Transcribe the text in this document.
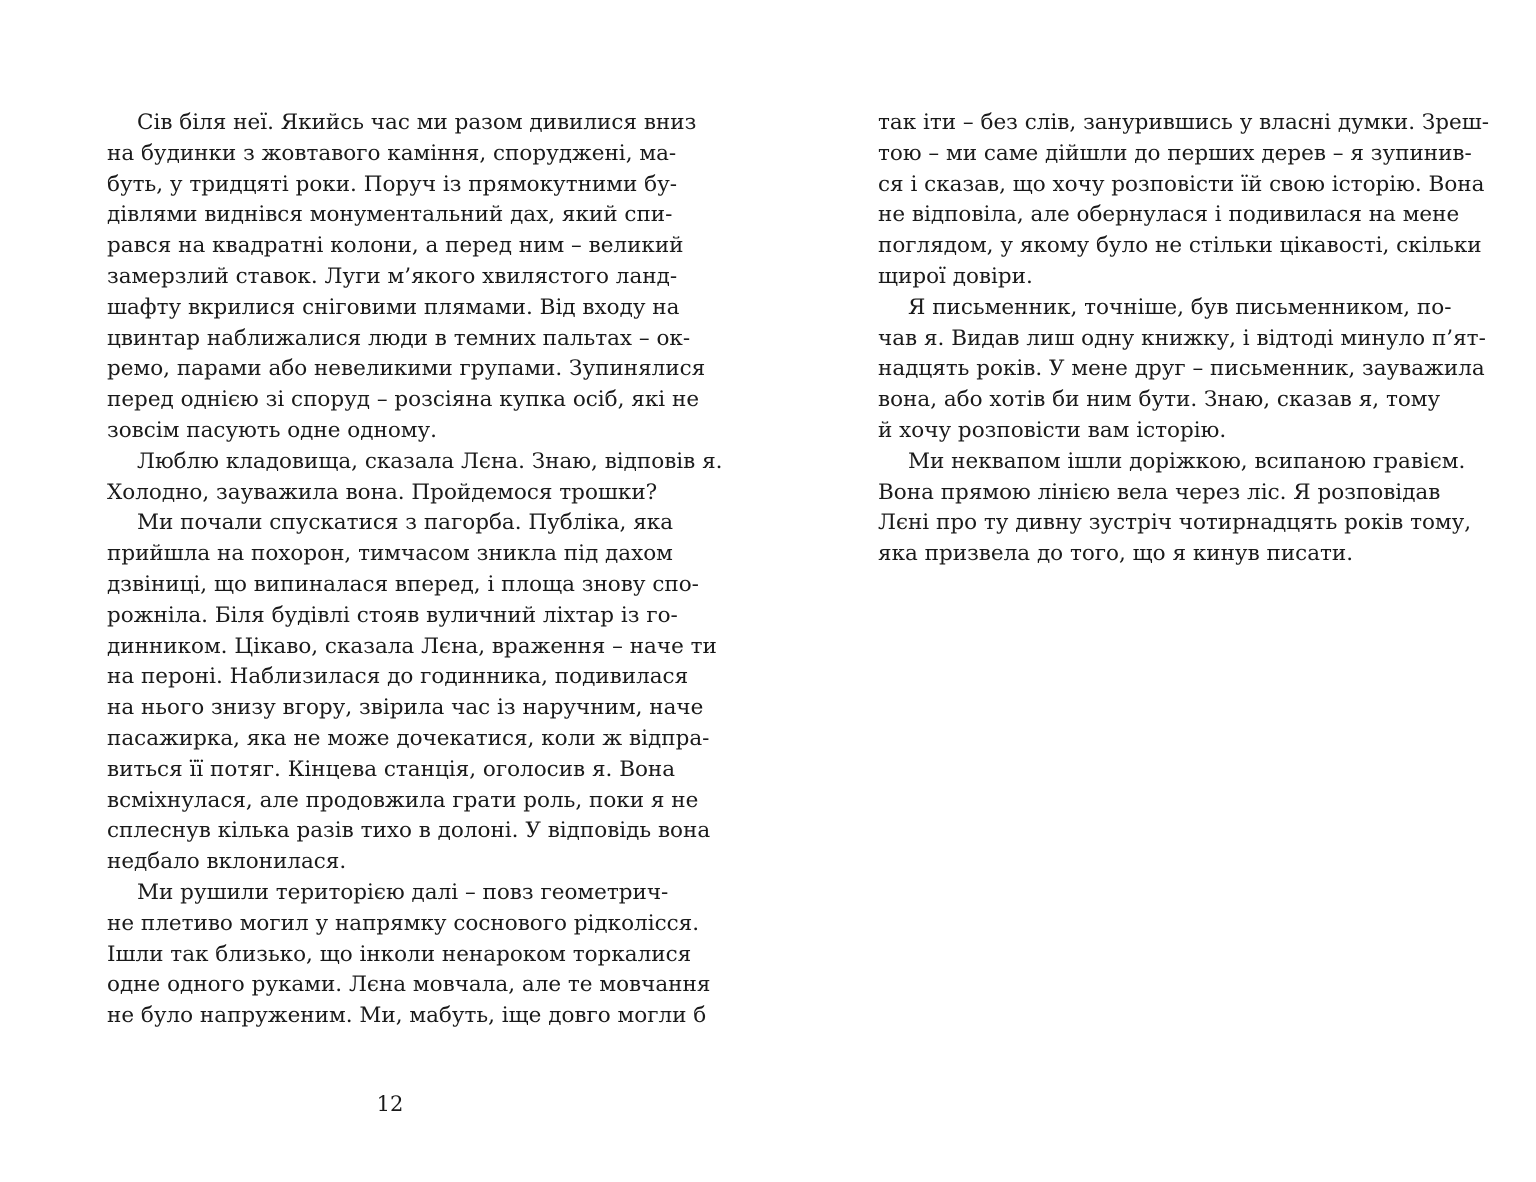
Сів біля неї. Якийсь час ми разом дивилися вниз
на будинки з жовтавого каміння, споруджені, ма-
буть, у тридцяті роки. Поруч із прямокутними бу-
дівлями виднівся монументальний дах, який спи-
рався на квадратні колони, а перед ним – великий
замерзлий ставок. Луги м’якого хвилястого ланд-
шафту вкрилися сніговими плямами. Від входу на
цвинтар наближалися люди в темних пальтах – ок-
ремо, парами або невеликими групами. Зупинялися
перед однією зі споруд – розсіяна купка осіб, які не
зовсім пасують одне одному.
Люблю кладовища, сказала Лєна. Знаю, відповів я.
Холодно, зауважила вона. Пройдемося трошки?
Ми почали спускатися з пагорба. Публіка, яка
прийшла на похорон, тимчасом зникла під дахом
дзвіниці, що випиналася вперед, і площа знову спо-
рожніла. Біля будівлі стояв вуличний ліхтар із го-
динником. Цікаво, сказала Лєна, враження – наче ти
на пероні. Наблизилася до годинника, подивилася
на нього знизу вгору, звірила час із наручним, наче
пасажирка, яка не може дочекатися, коли ж відпра-
виться її потяг. Кінцева станція, оголосив я. Вона
всміхнулася, але продовжила грати роль, поки я не
сплеснув кілька разів тихо в долоні. У відповідь вона
недбало вклонилася.
Ми рушили територією далі – повз геометрич-
не плетиво могил у напрямку соснового рідколісся.
Ішли так близько, що інколи ненароком торкалися
одне одного руками. Лєна мовчала, але те мовчання
не було напруженим. Ми, мабуть, іще довго могли б
12
так іти – без слів, занурившись у власні думки. Зреш-
тою – ми саме дійшли до перших дерев – я зупинив-
ся і сказав, що хочу розповісти їй свою історію. Вона
не відповіла, але обернулася і подивилася на мене
поглядом, у якому було не стільки цікавості, скільки
щирої довіри.
Я письменник, точніше, був письменником, по-
чав я. Видав лиш одну книжку, і відтоді минуло п’ят-
надцять років. У мене друг – письменник, зауважила
вона, або хотів би ним бути. Знаю, сказав я, тому
й хочу розповісти вам історію.
Ми неквапом ішли доріжкою, всипаною гравієм.
Вона прямою лінією вела через ліс. Я розповідав
Лєні про ту дивну зустріч чотирнадцять років тому,
яка призвела до того, що я кинув писати.
